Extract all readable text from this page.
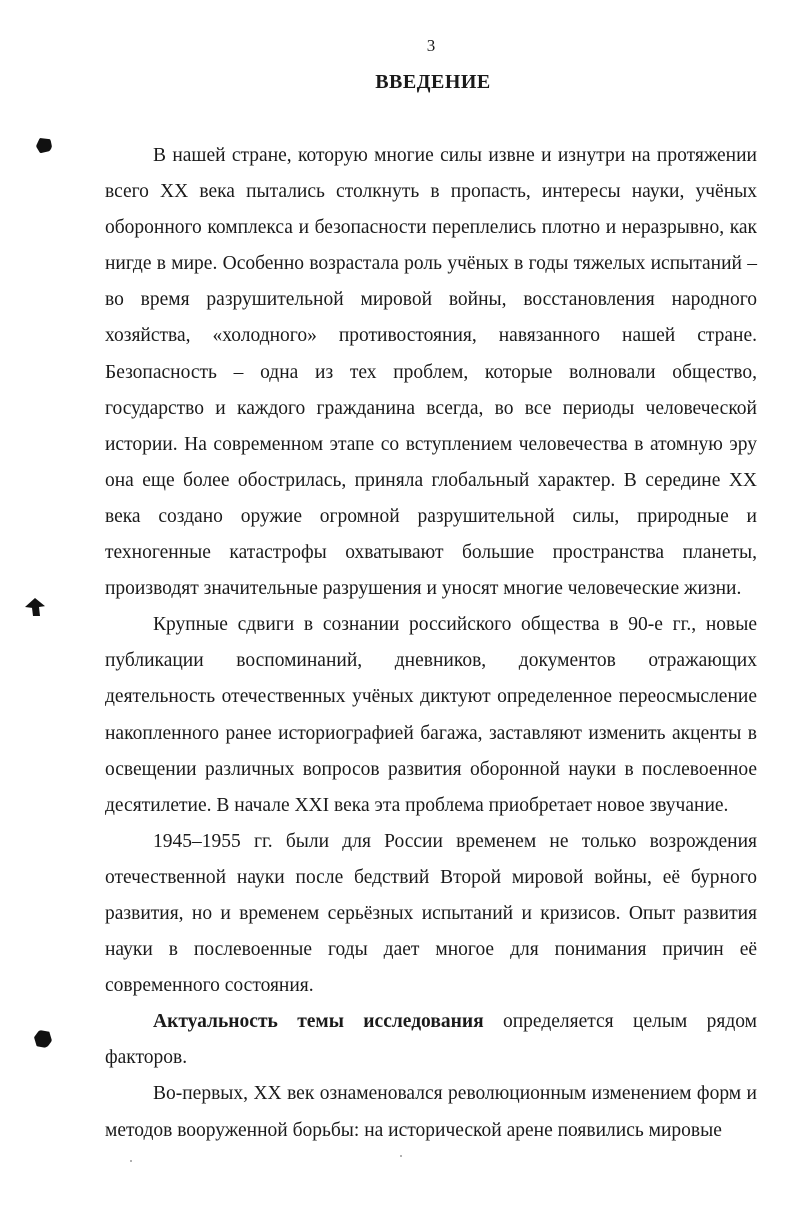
3
ВВЕДЕНИЕ

В нашей стране, которую многие силы извне и изнутри на протяжении всего XX века пытались столкнуть в пропасть, интересы науки, учёных оборонного комплекса и безопасности переплелись плотно и неразрывно, как нигде в мире. Особенно возрастала роль учёных в годы тяжелых испытаний – во время разрушительной мировой войны, восстановления народного хозяйства, «холодного» противостояния, навязанного нашей стране. Безопасность – одна из тех проблем, которые волновали общество, государство и каждого гражданина всегда, во все периоды человеческой истории. На современном этапе со вступлением человечества в атомную эру она еще более обострилась, приняла глобальный характер. В середине XX века создано оружие огромной разрушительной силы, природные и техногенные катастрофы охватывают большие пространства планеты, производят значительные разрушения и уносят многие человеческие жизни.

Крупные сдвиги в сознании российского общества в 90-е гг., новые публикации воспоминаний, дневников, документов отражающих деятельность отечественных учёных диктуют определенное переосмысление накопленного ранее историографией багажа, заставляют изменить акценты в освещении различных вопросов развития оборонной науки в послевоенное десятилетие. В начале XXI века эта проблема приобретает новое звучание.

1945–1955 гг. были для России временем не только возрождения отечественной науки после бедствий Второй мировой войны, её бурного развития, но и временем серьёзных испытаний и кризисов. Опыт развития науки в послевоенные годы дает многое для понимания причин её современного состояния.

Актуальность темы исследования определяется целым рядом факторов.

Во-первых, XX век ознаменовался революционным изменением форм и методов вооруженной борьбы: на исторической арене появились мировые
